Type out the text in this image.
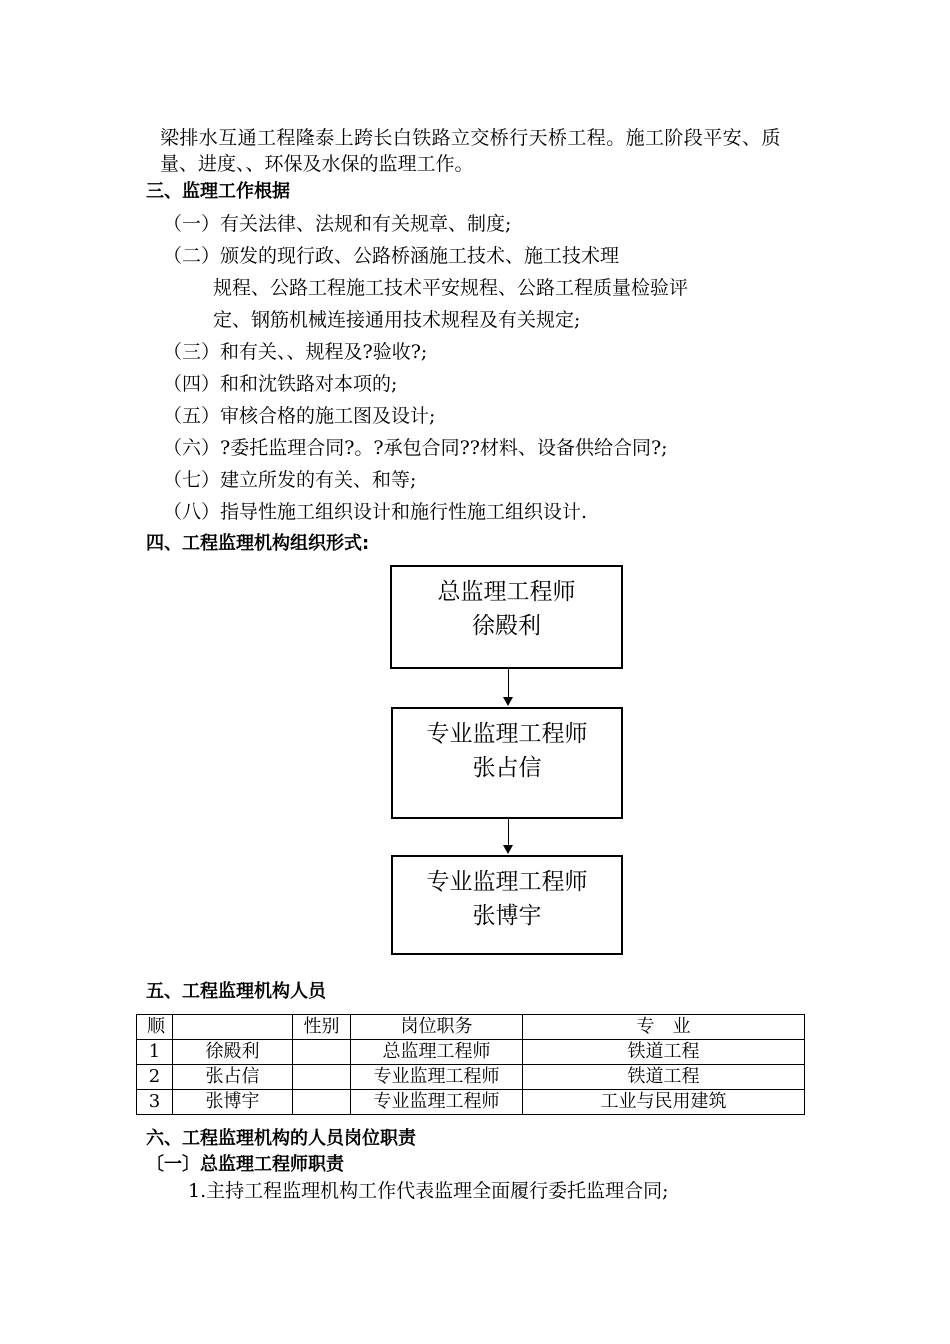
梁排水互通工程隆泰上跨长白铁路立交桥行天桥工程。施工阶段平安、质
量、进度、、环保及水保的监理工作。
三、监理工作根据
（一）有关法律、法规和有关规章、制度;
（二）颁发的现行政、公路桥涵施工技术、施工技术理
规程、公路工程施工技术平安规程、公路工程质量检验评
定、钢筋机械连接通用技术规程及有关规定;
（三）和有关、、规程及?验收?;
（四）和和沈铁路对本项的;
（五）审核合格的施工图及设计;
（六）?委托监理合同?。?承包合同??材料、设备供给合同?;
（七）建立所发的有关、和等;
（八）指导性施工组织设计和施行性施工组织设计.
四、工程监理机构组织形式:
总监理工程师
徐殿利
专业监理工程师
张占信
专业监理工程师
张博宇
五、工程监理机构人员
顺		性别	岗位职务	专　业
1	徐殿利		总监理工程师	铁道工程
2	张占信		专业监理工程师	铁道工程
3	张博宇		专业监理工程师	工业与民用建筑
六、工程监理机构的人员岗位职责
〔一〕总监理工程师职责
1.主持工程监理机构工作代表监理全面履行委托监理合同;
